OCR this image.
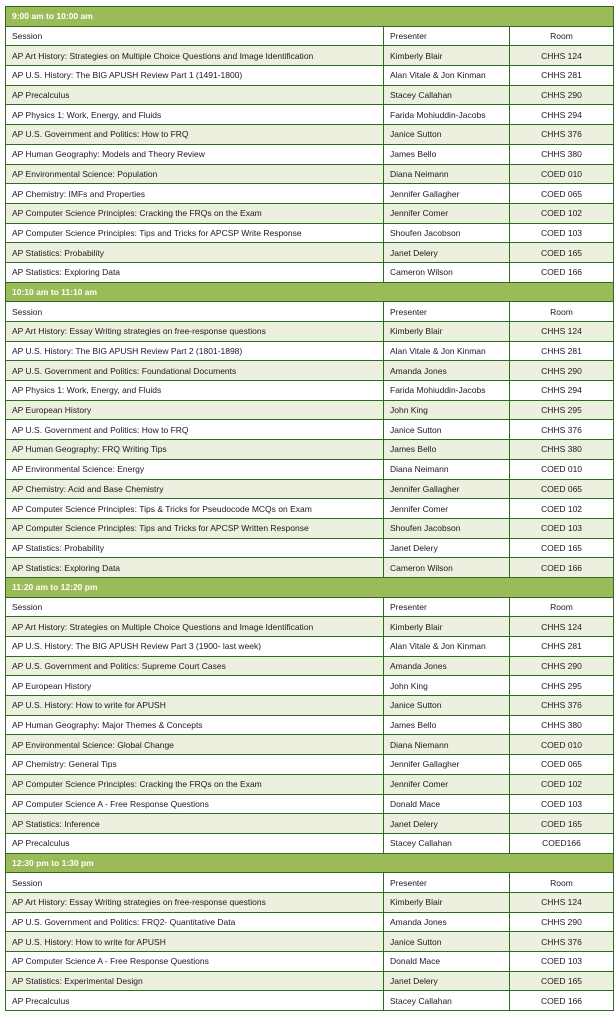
9:00 am to 10:00 am		
Session	Presenter	Room
AP Art History: Strategies on Multiple Choice Questions and Image Identification	Kimberly Blair	CHHS 124
AP U.S. History: The BIG APUSH Review Part 1 (1491-1800)	Alan Vitale & Jon Kinman	CHHS 281
AP Precalculus	Stacey Callahan	CHHS 290
AP Physics 1: Work, Energy, and Fluids	Farida Mohiuddin-Jacobs	CHHS 294
AP U.S. Government and Politics: How to FRQ	Janice Sutton	CHHS 376
AP Human Geography: Models and Theory Review	James Bello	CHHS 380
AP Environmental Science: Population	Diana Neimann	COED 010
AP Chemistry: IMFs and Properties	Jennifer Gallagher	COED 065
AP Computer Science Principles: Cracking the FRQs on the Exam	Jennifer Comer	COED 102
AP Computer Science Principles: Tips and Tricks for APCSP Write Response	Shoufen Jacobson	COED 103
AP Statistics: Probability	Janet Delery	COED 165
AP Statistics: Exploring Data	Cameron Wilson	COED 166
10:10 am to 11:10 am		
Session	Presenter	Room
AP Art History: Essay Writing strategies on free-response questions	Kimberly Blair	CHHS 124
AP U.S. History: The BIG APUSH Review Part 2 (1801-1898)	Alan Vitale & Jon Kinman	CHHS 281
AP U.S. Government and Politics: Foundational Documents	Amanda Jones	CHHS 290
AP Physics 1: Work, Energy, and Fluids	Farida Mohiuddin-Jacobs	CHHS 294
AP European History	John King	CHHS 295
AP U.S. Government and Politics: How to FRQ	Janice Sutton	CHHS 376
AP Human Geography: FRQ Writing Tips	James Bello	CHHS 380
AP Environmental Science: Energy	Diana Neimann	COED 010
AP Chemistry: Acid and Base Chemistry	Jennifer Gallagher	COED 065
AP Computer Science Principles: Tips & Tricks for Pseudocode MCQs on Exam	Jennifer Comer	COED 102
AP Computer Science Principles: Tips and Tricks for APCSP Written Response	Shoufen Jacobson	COED 103
AP Statistics: Probability	Janet Delery	COED 165
AP Statistics: Exploring Data	Cameron Wilson	COED 166
11:20 am to 12:20 pm		
Session	Presenter	Room
AP Art History: Strategies on Multiple Choice Questions and Image Identification	Kimberly Blair	CHHS 124
AP U.S. History: The BIG APUSH Review Part 3 (1900- last week)	Alan Vitale & Jon Kinman	CHHS 281
AP U.S. Government and Politics: Supreme Court Cases	Amanda Jones	CHHS 290
AP European History	John King	CHHS 295
AP U.S. History: How to write for APUSH	Janice Sutton	CHHS 376
AP Human Geography: Major Themes & Concepts	James Bello	CHHS 380
AP Environmental Science: Global Change	Diana Niemann	COED 010
AP Chemistry: General Tips	Jennifer Gallagher	COED 065
AP Computer Science Principles: Cracking the FRQs on the Exam	Jennifer Comer	COED 102
AP Computer Science A - Free Response Questions	Donald Mace	COED 103
AP Statistics: Inference	Janet Delery	COED 165
AP Precalculus	Stacey Callahan	COED166
12:30 pm to 1:30 pm		
Session	Presenter	Room
AP Art History: Essay Writing strategies on free-response questions	Kimberly Blair	CHHS 124
AP U.S. Government and Politics: FRQ2- Quantitative Data	Amanda Jones	CHHS 290
AP U.S. History: How to write for APUSH	Janice Sutton	CHHS 376
AP Computer Science A - Free Response Questions	Donald Mace	COED 103
AP Statistics: Experimental Design	Janet Delery	COED 165
AP Precalculus	Stacey Callahan	COED 166
